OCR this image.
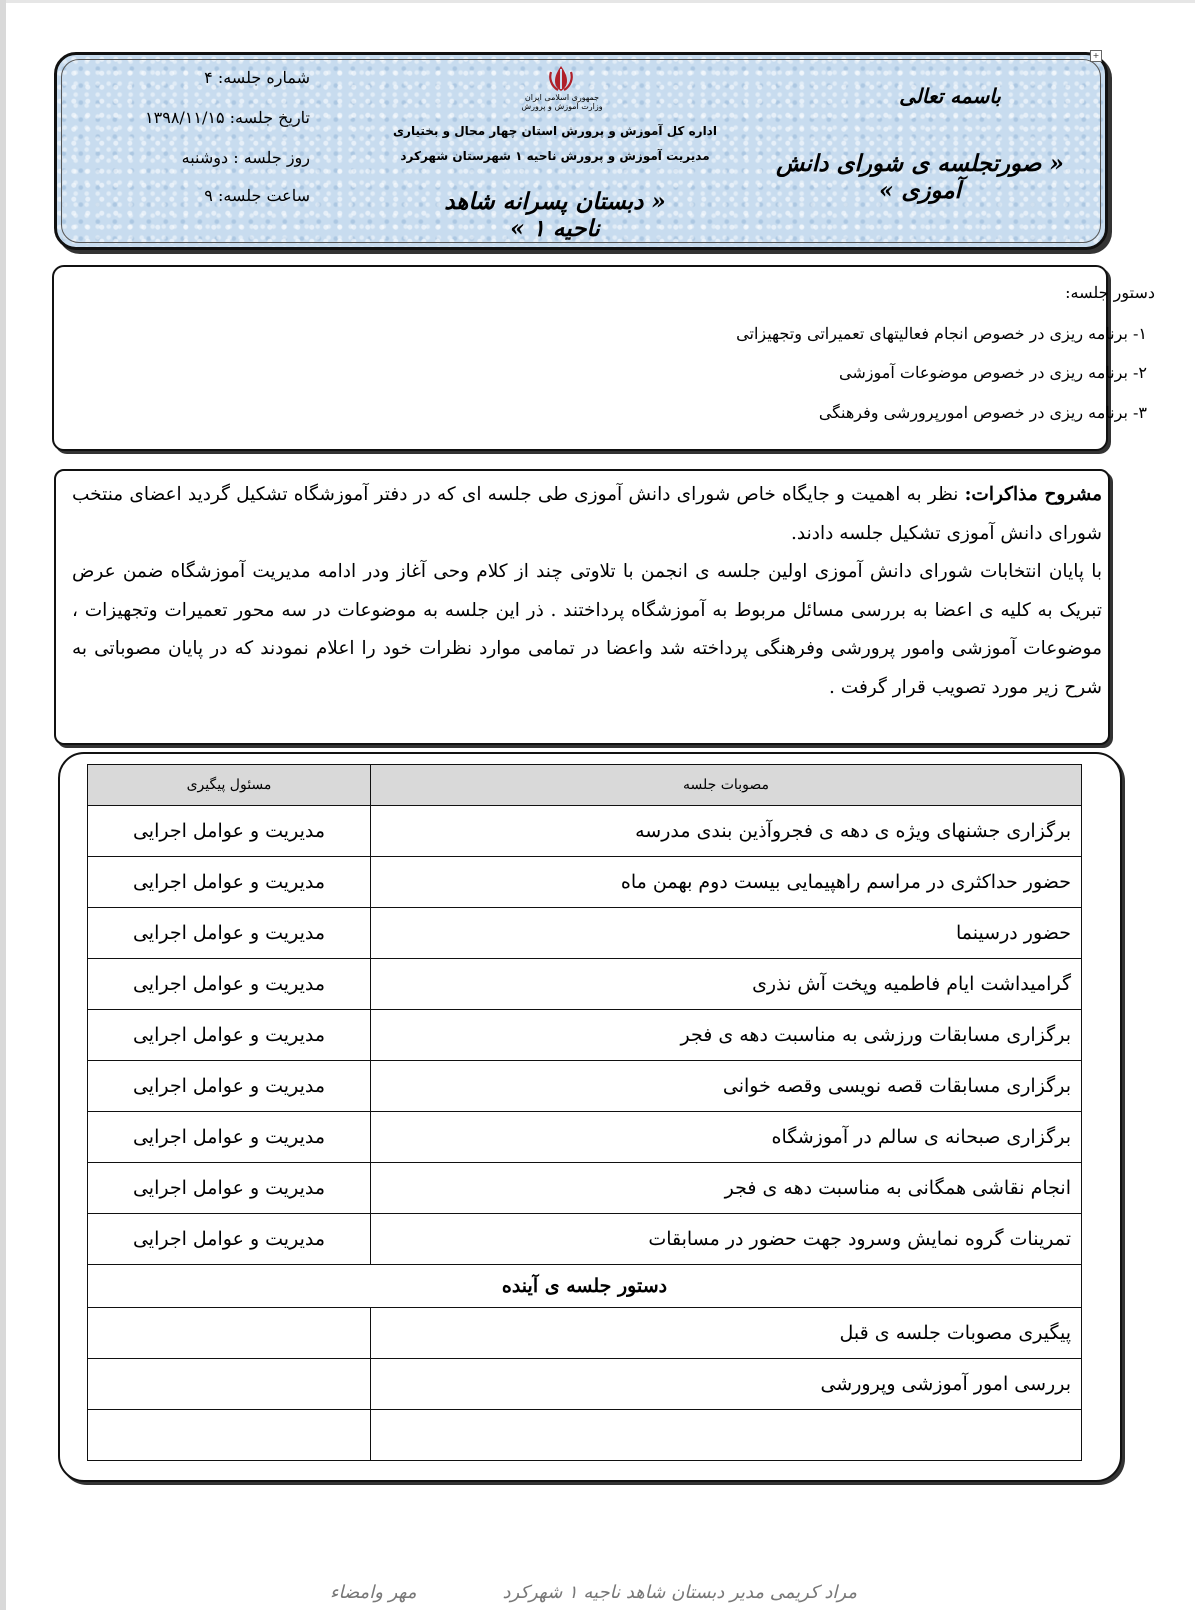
+
شماره جلسه: ۴
تاریخ جلسه: ۱۳۹۸/۱۱/۱۵
روز جلسه : دوشنبه
ساعت جلسه: ۹
جمهوری اسلامی ایران
وزارت آموزش و پرورش
اداره کل آموزش و پرورش استان چهار محال و بختیاری
مدیریت آموزش و پرورش ناحیه ۱ شهرستان شهرکرد
« دبستان پسرانه شاهد ناحیه ۱ »
باسمه تعالی
« صورتجلسه ی شورای دانش آموزی »
دستور جلسه:
۱- برنامه ریزی در خصوص انجام فعالیتهای تعمیراتی وتجهیزاتی
۲- برنامه ریزی در خصوص موضوعات آموزشی
۳- برنامه ریزی در خصوص امورپرورشی وفرهنگی
مشروح مذاکرات: نظر به اهمیت و جایگاه خاص شورای دانش آموزی طی جلسه ای که در دفتر آموزشگاه تشکیل گردید اعضای منتخب شورای دانش آموزی تشکیل جلسه دادند.
با پایان انتخابات شورای دانش آموزی اولین جلسه ی انجمن با تلاوتی چند از کلام وحی آغاز ودر ادامه مدیریت آموزشگاه ضمن عرض تبریک به کلیه ی اعضا به بررسی مسائل مربوط به آموزشگاه پرداختند . ذر این جلسه به موضوعات در سه محور تعمیرات وتجهیزات ، موضوعات آموزشی وامور پرورشی وفرهنگی پرداخته شد واعضا در تمامی موارد نظرات خود را اعلام نمودند که در پایان مصوباتی به شرح زیر مورد تصویب قرار گرفت .
مصوبات جلسه	مسئول پیگیری
برگزاری جشنهای ویژه ی دهه ی فجروآذین بندی مدرسه	مدیریت و عوامل اجرایی
حضور حداکثری در مراسم راهپیمایی بیست دوم بهمن ماه	مدیریت و عوامل اجرایی
حضور درسینما	مدیریت و عوامل اجرایی
گرامیداشت ایام فاطمیه وپخت آش نذری	مدیریت و عوامل اجرایی
برگزاری مسابقات ورزشی به مناسبت دهه ی فجر	مدیریت و عوامل اجرایی
برگزاری مسابقات قصه نویسی وقصه خوانی	مدیریت و عوامل اجرایی
برگزاری صبحانه ی سالم در آموزشگاه	مدیریت و عوامل اجرایی
انجام نقاشی همگانی به مناسبت دهه ی فجر	مدیریت و عوامل اجرایی
تمرینات گروه نمایش وسرود جهت حضور در مسابقات	مدیریت و عوامل اجرایی
دستور جلسه ی آینده	
پیگیری مصوبات جلسه ی قبل	
بررسی امور آموزشی وپرورشی	

مراد کریمی مدیر دبستان شاهد ناجیه ۱ شهرکرد
مهر وامضاء
